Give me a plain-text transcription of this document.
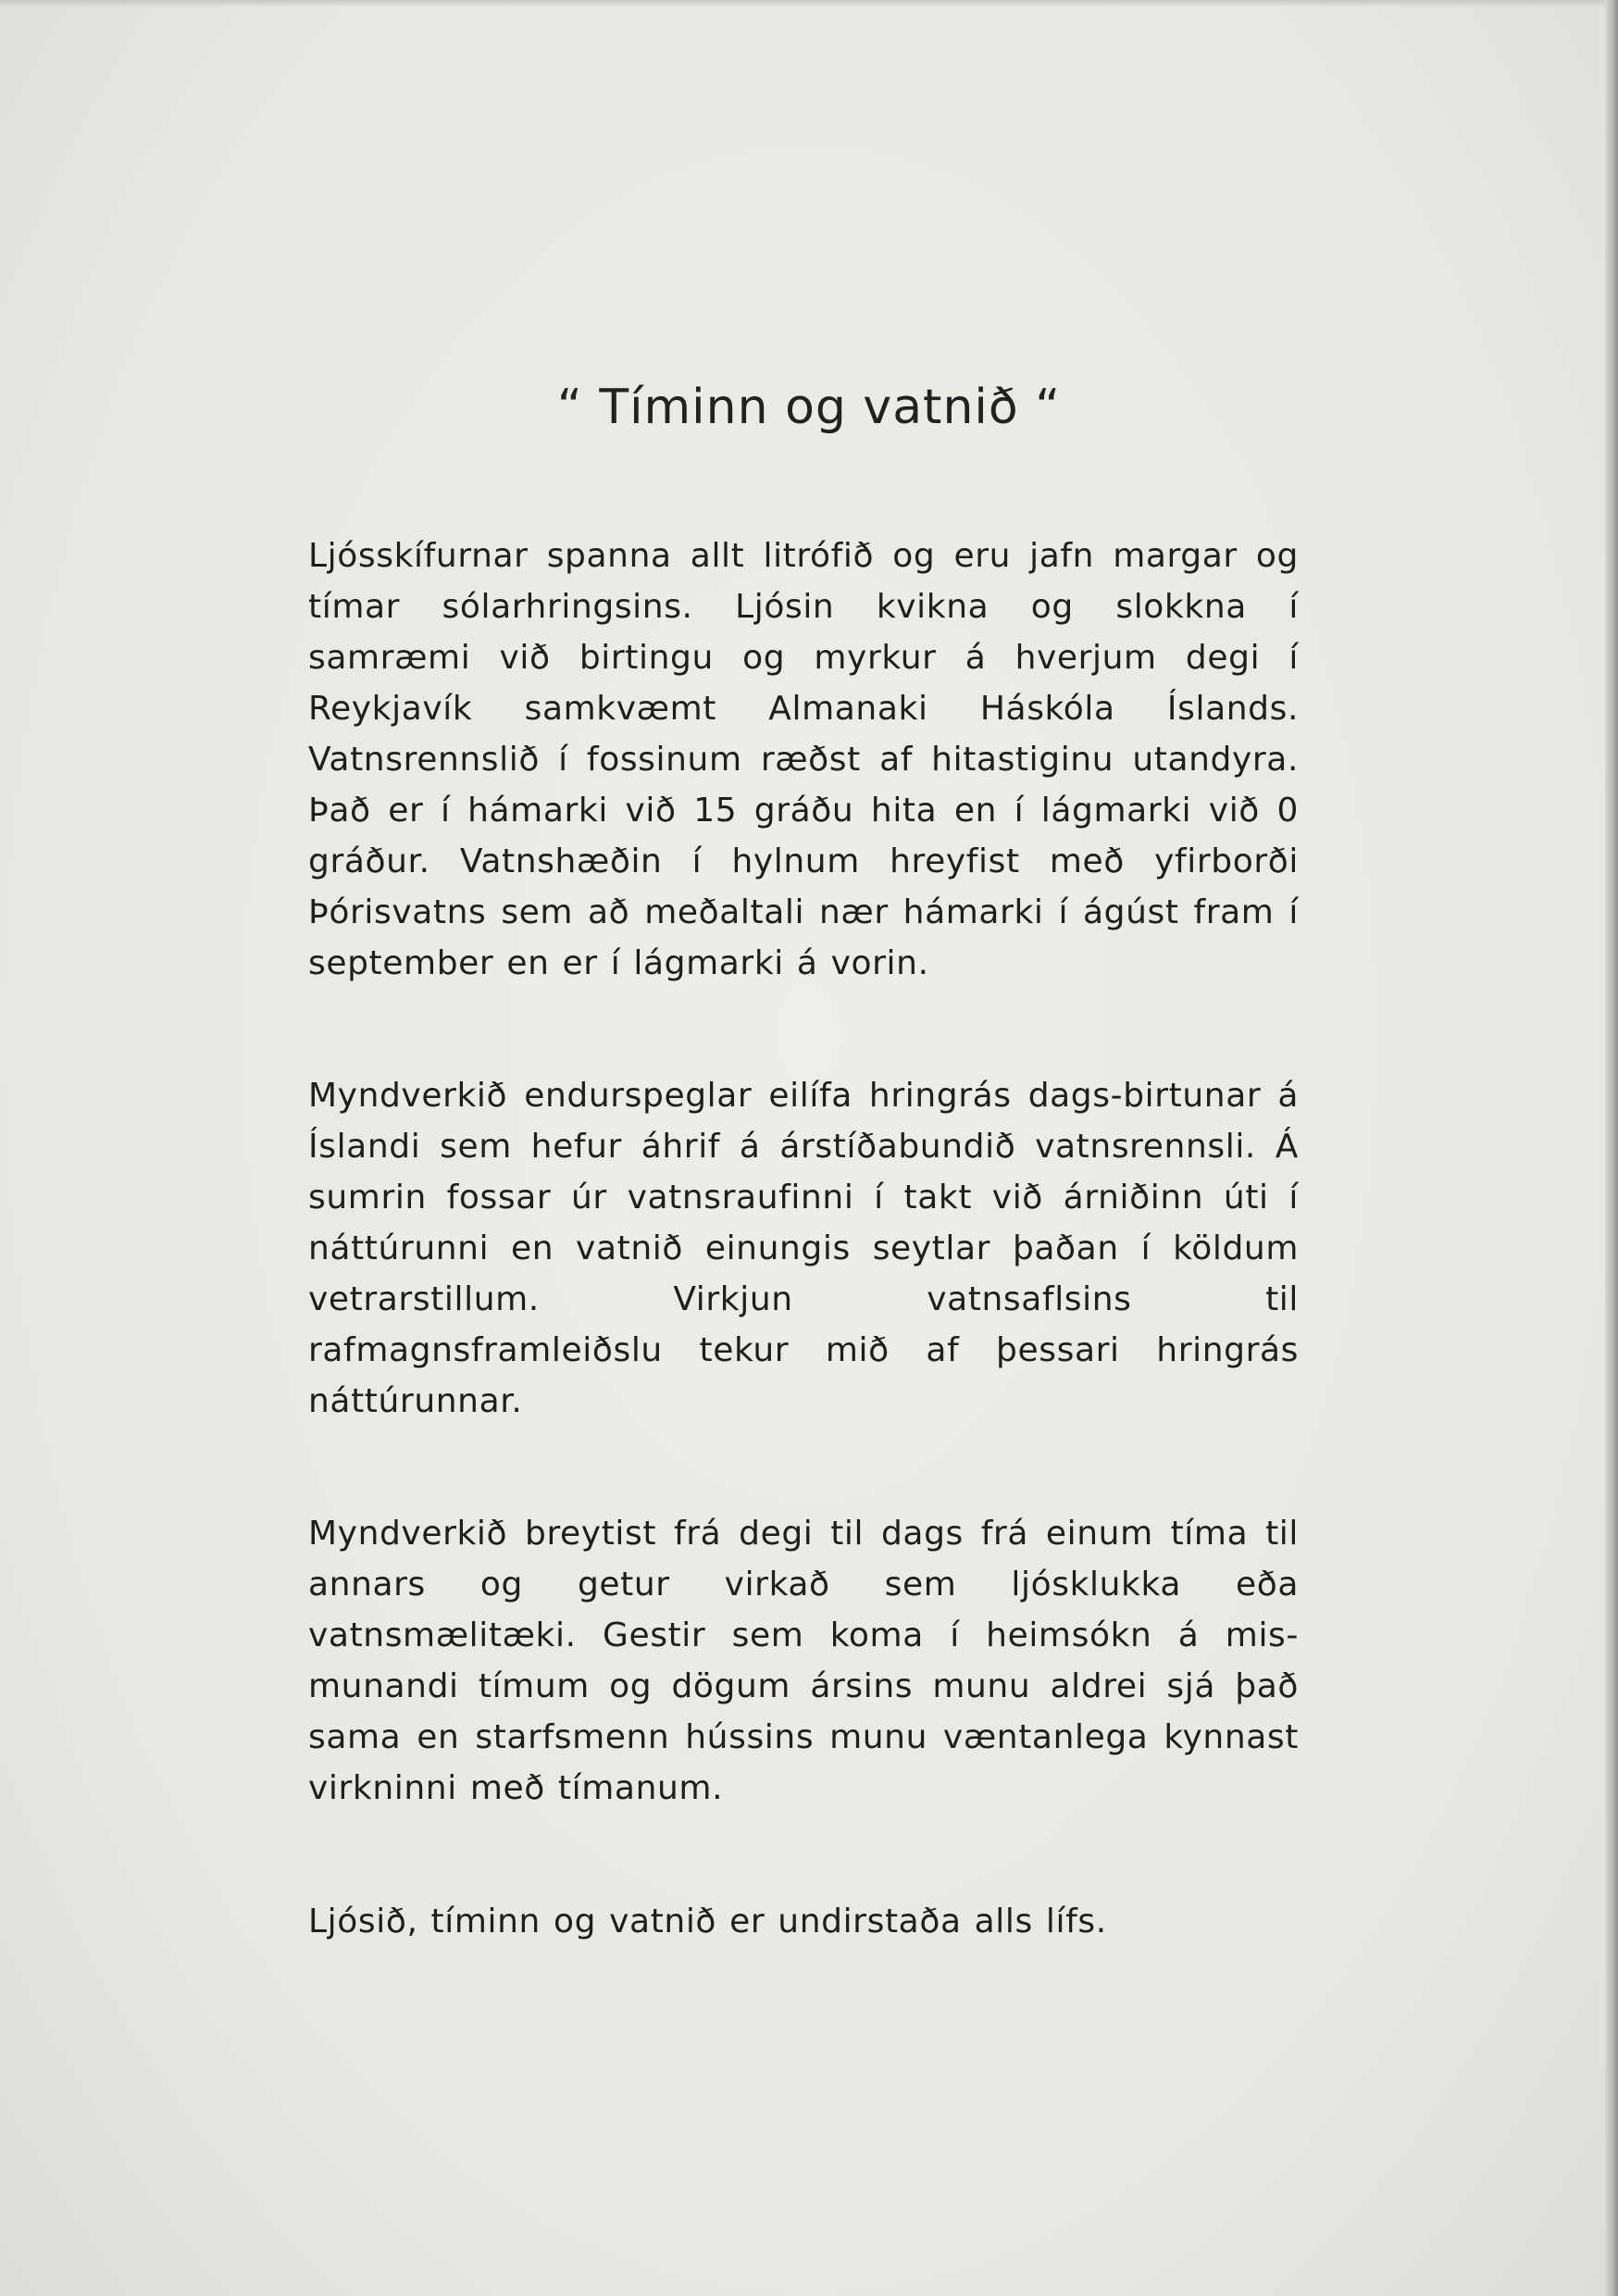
“ Tíminn og vatnið “

Ljósskífurnar spanna allt litrófið og eru jafn margar og tímar sólarhringsins. Ljósin kvikna og slokkna í samræmi við birtingu og myrkur á hverjum degi í Reykjavík samkvæmt Almanaki Háskóla Íslands. Vatnsrennslið í fossinum ræðst af hitastiginu utandyra. Það er í hámarki við 15 gráðu hita en í lágmarki við 0 gráður. Vatnshæðin í hylnum hreyfist með yfirborði Þórisvatns sem að meðaltali nær hámarki í ágúst fram í september en er í lágmarki á vorin.

Myndverkið endurspeglar eilífa hringrás dags-birtunar á Íslandi sem hefur áhrif á árstíðabundið vatnsrennsli. Á sumrin fossar úr vatnsraufinni í takt við árniðinn úti í náttúrunni en vatnið einungis seytlar þaðan í köldum vetrarstillum. Virkjun vatnsaflsins til rafmagnsframleiðslu tekur mið af þessari hringrás náttúrunnar.

Myndverkið breytist frá degi til dags frá einum tíma til annars og getur virkað sem ljósklukka eða vatnsmælitæki. Gestir sem koma í heimsókn á mis-munandi tímum og dögum ársins munu aldrei sjá það sama en starfsmenn hússins munu væntanlega kynnast virkninni með tímanum.

Ljósið, tíminn og vatnið er undirstaða alls lífs.
